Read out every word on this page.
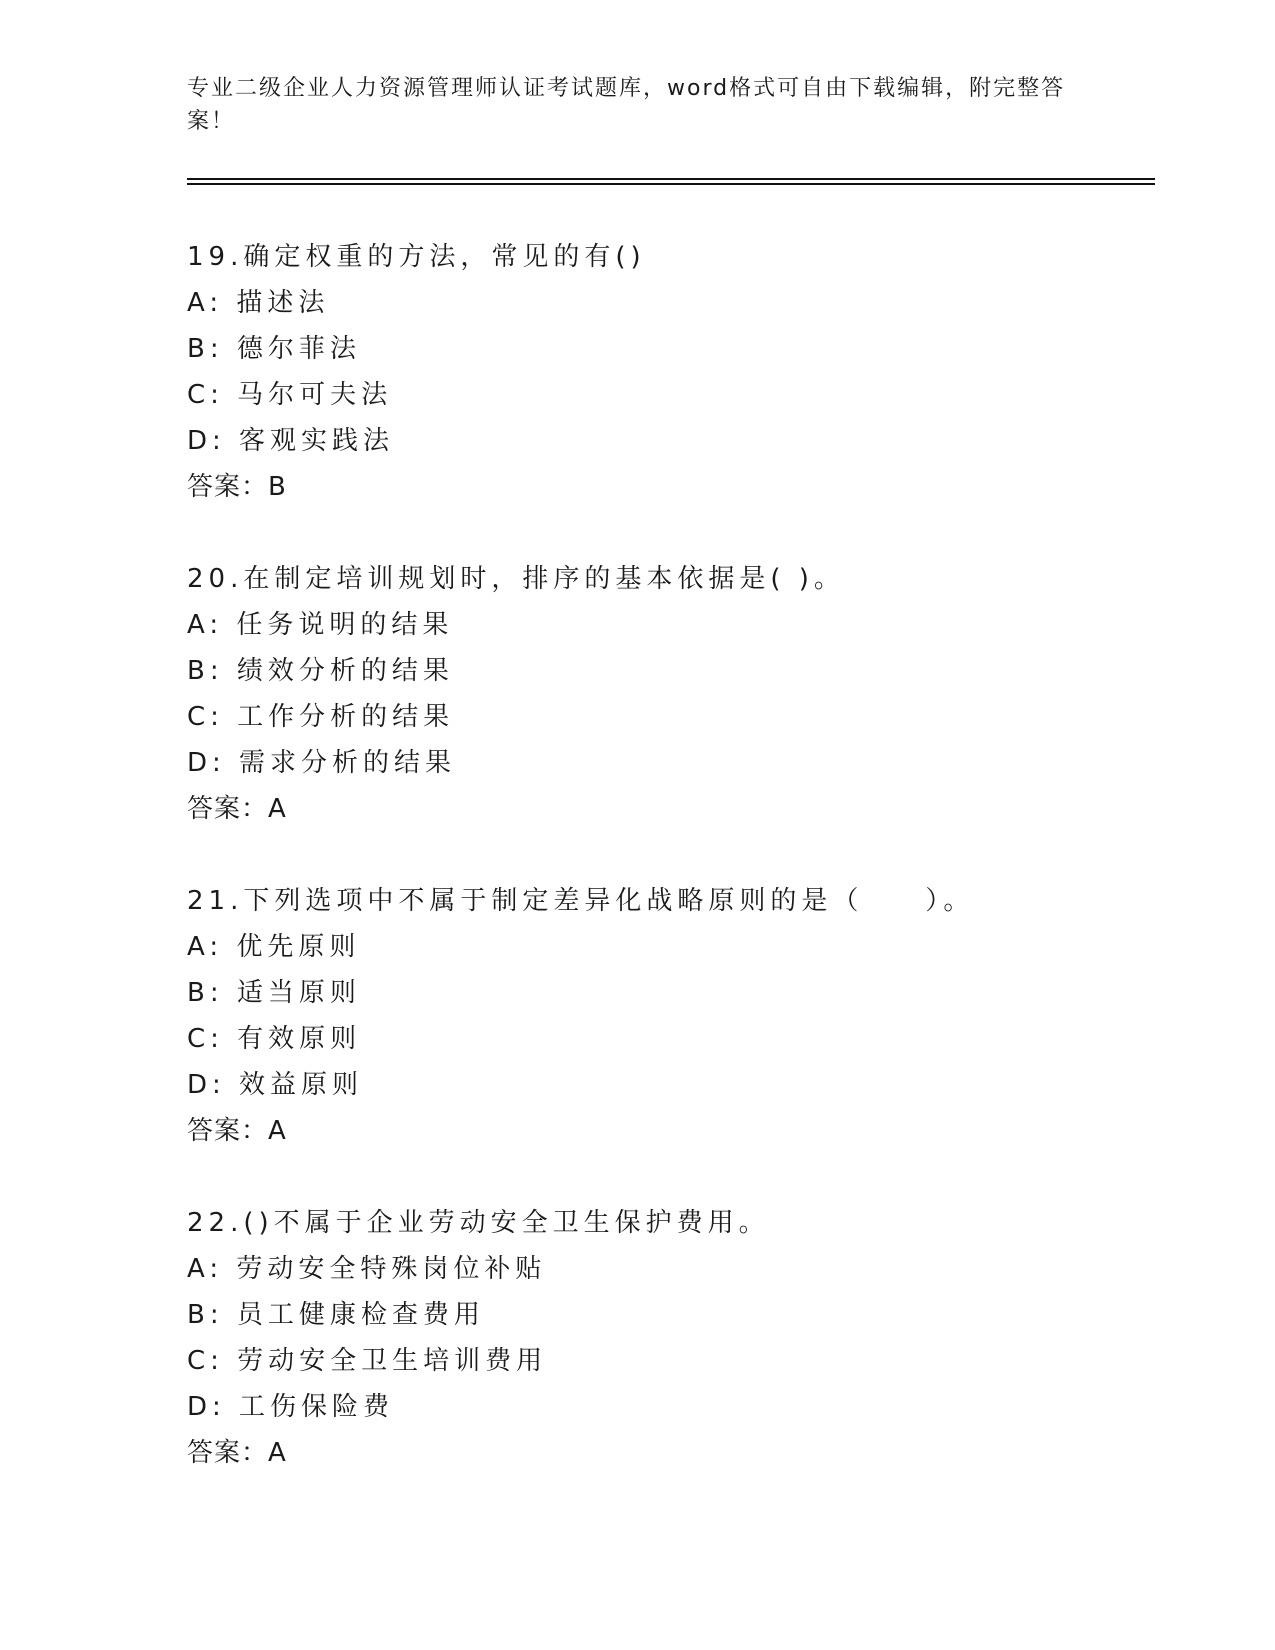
专业二级企业人力资源管理师认证考试题库，word格式可自由下载编辑，附完整答案！
19.确定权重的方法，常见的有()
A: 描述法
B: 德尔菲法
C: 马尔可夫法
D: 客观实践法
答案：B
20.在制定培训规划时，排序的基本依据是( )。
A: 任务说明的结果
B: 绩效分析的结果
C: 工作分析的结果
D: 需求分析的结果
答案：A
21.下列选项中不属于制定差异化战略原则的是（　　）。
A: 优先原则
B: 适当原则
C: 有效原则
D: 效益原则
答案：A
22.()不属于企业劳动安全卫生保护费用。
A: 劳动安全特殊岗位补贴
B: 员工健康检查费用
C: 劳动安全卫生培训费用
D: 工伤保险费
答案：A
